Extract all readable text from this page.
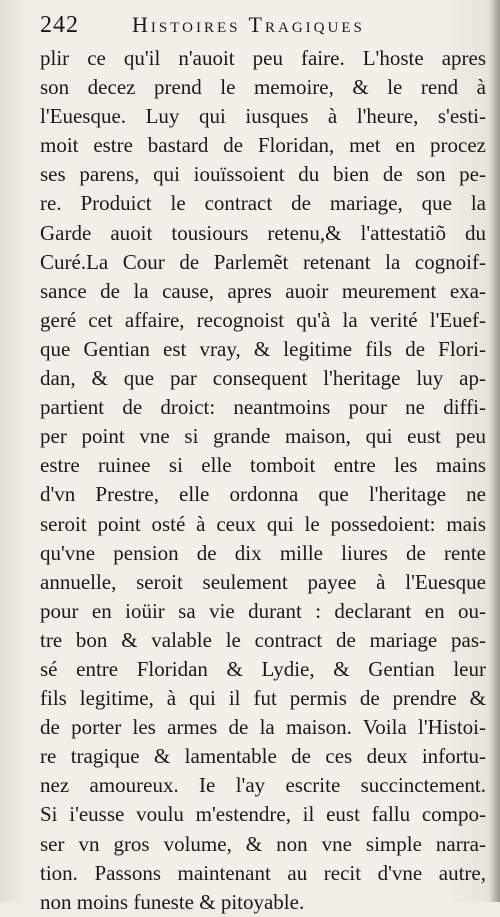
242 Histoires Tragiques
plir ce qu'il n'auoit peu faire. L'hoste apres
son decez prend le memoire, & le rend à
l'Euesque. Luy qui iusques à l'heure, s'esti-
moit estre bastard de Floridan, met en procez
ses parens, qui iouïssoient du bien de son pe-
re. Produict le contract de mariage, que la
Garde auoit tousiours retenu,& l'attestatiõ du
Curé.La Cour de Parlemẽt retenant la cognoif-
sance de la cause, apres auoir meurement exa-
geré cet affaire, recognoist qu'à la verité l'Euef-
que Gentian est vray, & legitime fils de Flori-
dan, & que par consequent l'heritage luy ap-
partient de droict: neantmoins pour ne diffi-
per point vne si grande maison, qui eust peu
estre ruinee si elle tomboit entre les mains
d'vn Prestre, elle ordonna que l'heritage ne
seroit point osté à ceux qui le possedoient: mais
qu'vne pension de dix mille liures de rente
annuelle, seroit seulement payee à l'Euesque
pour en ioüir sa vie durant : declarant en ou-
tre bon & valable le contract de mariage pas-
sé entre Floridan & Lydie, & Gentian leur
fils legitime, à qui il fut permis de prendre &
de porter les armes de la maison. Voila l'Histoi-
re tragique & lamentable de ces deux infortu-
nez amoureux. Ie l'ay escrite succinctement.
Si i'eusse voulu m'estendre, il eust fallu compo-
ser vn gros volume, & non vne simple narra-
tion. Passons maintenant au recit d'vne autre,
non moins funeste & pitoyable.
